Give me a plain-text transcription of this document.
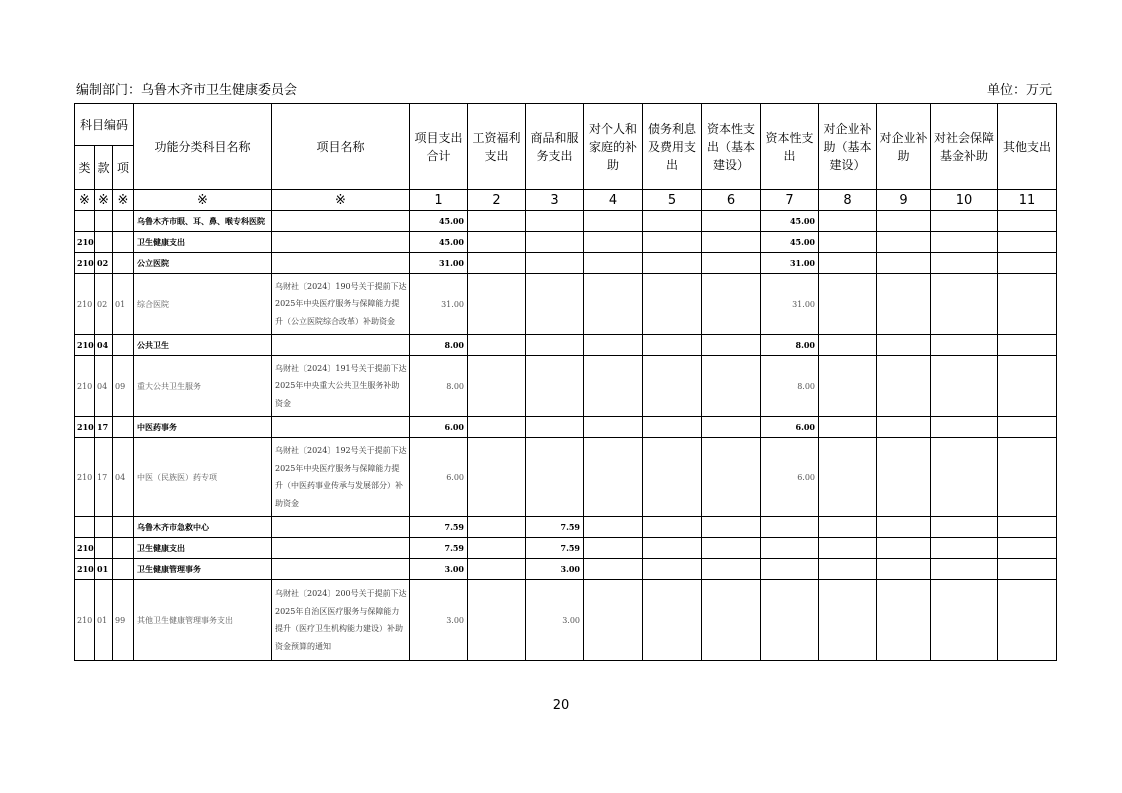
编制部门：乌鲁木齐市卫生健康委员会	单位：万元
科目编码			功能分类科目名称	项目名称	项目支出合计	工资福利支出	商品和服务支出	对个人和家庭的补助	债务利息及费用支出	资本性支出（基本建设）	资本性支出	对企业补助（基本建设）	对企业补助	对社会保障基金补助	其他支出
类	款	项													
※	※	※	※	※	1	2	3	4	5	6	7	8	9	10	11
			乌鲁木齐市眼、耳、鼻、喉专科医院		45.00						45.00				
210			卫生健康支出		45.00						45.00				
210	02		公立医院		31.00						31.00				
210	02	01	综合医院	乌财社〔2024〕190号关于提前下达2025年中央医疗服务与保障能力提升（公立医院综合改革）补助资金	31.00						31.00				
210	04		公共卫生		8.00						8.00				
210	04	09	重大公共卫生服务	乌财社〔2024〕191号关于提前下达2025年中央重大公共卫生服务补助资金	8.00						8.00				
210	17		中医药事务		6.00						6.00				
210	17	04	中医（民族医）药专项	乌财社〔2024〕192号关于提前下达2025年中央医疗服务与保障能力提升（中医药事业传承与发展部分）补助资金	6.00						6.00				
			乌鲁木齐市急救中心		7.59		7.59								
210			卫生健康支出		7.59		7.59								
210	01		卫生健康管理事务		3.00		3.00								
210	01	99	其他卫生健康管理事务支出	乌财社〔2024〕200号关于提前下达2025年自治区医疗服务与保障能力提升（医疗卫生机构能力建设）补助资金预算的通知	3.00		3.00								
20
